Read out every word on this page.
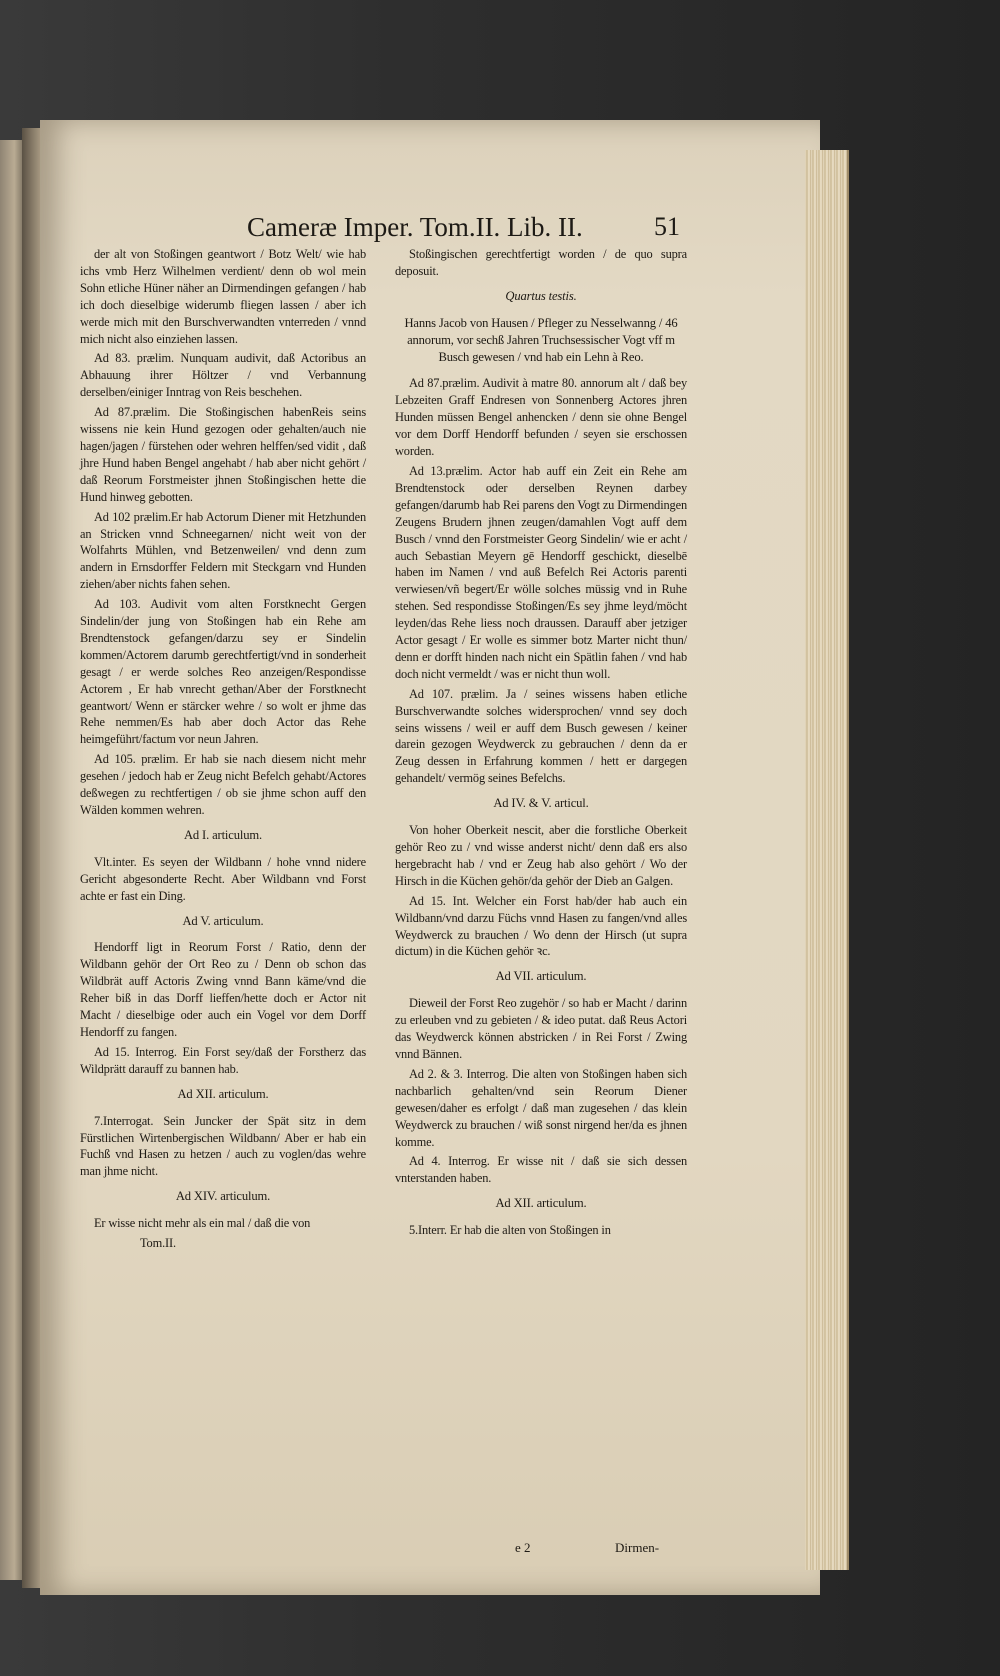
Cameræ Imper. Tom.II. Lib. II.	51

der alt von Stoßingen geantwort / Botz Welt/ wie hab ichs vmb Herz Wilhelmen verdient/ denn ob wol mein Sohn etliche Hüner näher an Dirmendingen gefangen / hab ich doch dieselbige widerumb fliegen lassen / aber ich werde mich mit den Burschverwandten vnterreden / vnnd mich nicht also einziehen lassen.

Ad 83. prælim. Nunquam audivit, daß Actoribus an Abhauung ihrer Höltzer / vnd Verbannung derselben/einiger Inntrag von Reis beschehen.

Ad 87.prælim. Die Stoßingischen habenReis seins wissens nie kein Hund gezogen oder gehalten/auch nie hagen/jagen / fürstehen oder wehren helffen/sed vidit , daß jhre Hund haben Bengel angehabt / hab aber nicht gehört / daß Reorum Forstmeister jhnen Stoßingischen hette die Hund hinweg gebotten.

Ad 102 prælim.Er hab Actorum Diener mit Hetzhunden an Stricken vnnd Schneegarnen/ nicht weit von der Wolfahrts Mühlen, vnd Betzenweilen/ vnd denn zum andern in Ernsdorffer Feldern mit Steckgarn vnd Hunden ziehen/aber nichts fahen sehen.

Ad 103. Audivit vom alten Forstknecht Gergen Sindelin/der jung von Stoßingen hab ein Rehe am Brendtenstock gefangen/darzu sey er Sindelin kommen/Actorem darumb gerechtfertigt/vnd in sonderheit gesagt / er werde solches Reo anzeigen/Respondisse Actorem , Er hab vnrecht gethan/Aber der Forstknecht geantwort/ Wenn er stärcker wehre / so wolt er jhme das Rehe nemmen/Es hab aber doch Actor das Rehe heimgeführt/factum vor neun Jahren.

Ad 105. prælim. Er hab sie nach diesem nicht mehr gesehen / jedoch hab er Zeug nicht Befelch gehabt/Actores deßwegen zu rechtfertigen / ob sie jhme schon auff den Wälden kommen wehren.

Ad I. articulum.

Vlt.inter. Es seyen der Wildbann / hohe vnnd nidere Gericht abgesonderte Recht. Aber Wildbann vnd Forst achte er fast ein Ding.

Ad V. articulum.

Hendorff ligt in Reorum Forst / Ratio, denn der Wildbann gehör der Ort Reo zu / Denn ob schon das Wildbrät auff Actoris Zwing vnnd Bann käme/vnd die Reher biß in das Dorff lieffen/hette doch er Actor nit Macht / dieselbige oder auch ein Vogel vor dem Dorff Hendorff zu fangen.

Ad 15. Interrog. Ein Forst sey/daß der Forstherz das Wildprätt darauff zu bannen hab.

Ad XII. articulum.

7.Interrogat. Sein Juncker der Spät sitz in dem Fürstlichen Wirtenbergischen Wildbann/ Aber er hab ein Fuchß vnd Hasen zu hetzen / auch zu voglen/das wehre man jhme nicht.

Ad XIV. articulum.

Er wisse nicht mehr als ein mal / daß die von

Tom.II.

Stoßingischen gerechtfertigt worden / de quo supra deposuit.

Quartus testis.

Hanns Jacob von Hausen / Pfleger zu Nesselwanng / 46 annorum, vor sechß Jahren Truchsessischer Vogt vff m Busch gewesen / vnd hab ein Lehn à Reo.

Ad 87.prælim. Audivit à matre 80. annorum alt / daß bey Lebzeiten Graff Endresen von Sonnenberg Actores jhren Hunden müssen Bengel anhencken / denn sie ohne Bengel vor dem Dorff Hendorff befunden / seyen sie erschossen worden.

Ad 13.prælim. Actor hab auff ein Zeit ein Rehe am Brendtenstock oder derselben Reynen darbey gefangen/darumb hab Rei parens den Vogt zu Dirmendingen Zeugens Brudern jhnen zeugen/damahlen Vogt auff dem Busch / vnnd den Forstmeister Georg Sindelin/ wie er acht / auch Sebastian Meyern gē Hendorff geschickt, dieselbē haben im Namen / vnd auß Befelch Rei Actoris parenti verwiesen/vñ begert/Er wölle solches müssig vnd in Ruhe stehen. Sed respondisse Stoßingen/Es sey jhme leyd/möcht leyden/das Rehe liess noch draussen. Darauff aber jetziger Actor gesagt / Er wolle es simmer botz Marter nicht thun/ denn er dorfft hinden nach nicht ein Spätlin fahen / vnd hab doch nicht vermeldt / was er nicht thun woll.

Ad 107. prælim. Ja / seines wissens haben etliche Burschverwandte solches widersprochen/ vnnd sey doch seins wissens / weil er auff dem Busch gewesen / keiner darein gezogen Weydwerck zu gebrauchen / denn da er Zeug dessen in Erfahrung kommen / hett er dargegen gehandelt/ vermög seines Befelchs.

Ad IV. & V. articul.

Von hoher Oberkeit nescit, aber die forstliche Oberkeit gehör Reo zu / vnd wisse anderst nicht/ denn daß ers also hergebracht hab / vnd er Zeug hab also gehört / Wo der Hirsch in die Küchen gehör/da gehör der Dieb an Galgen.

Ad 15. Int. Welcher ein Forst hab/der hab auch ein Wildbann/vnd darzu Füchs vnnd Hasen zu fangen/vnd alles Weydwerck zu brauchen / Wo denn der Hirsch (ut supra dictum) in die Küchen gehör ꝛc.

Ad VII. articulum.

Dieweil der Forst Reo zugehör / so hab er Macht / darinn zu erleuben vnd zu gebieten / & ideo putat. daß Reus Actori das Weydwerck können abstricken / in Rei Forst / Zwing vnnd Bännen.

Ad 2. & 3. Interrog. Die alten von Stoßingen haben sich nachbarlich gehalten/vnd sein Reorum Diener gewesen/daher es erfolgt / daß man zugesehen / das klein Weydwerck zu brauchen / wiß sonst nirgend her/da es jhnen komme.

Ad 4. Interrog. Er wisse nit / daß sie sich dessen vnterstanden haben.

Ad XII. articulum.

5.Interr. Er hab die alten von Stoßingen in

e 2	Dirmen-
